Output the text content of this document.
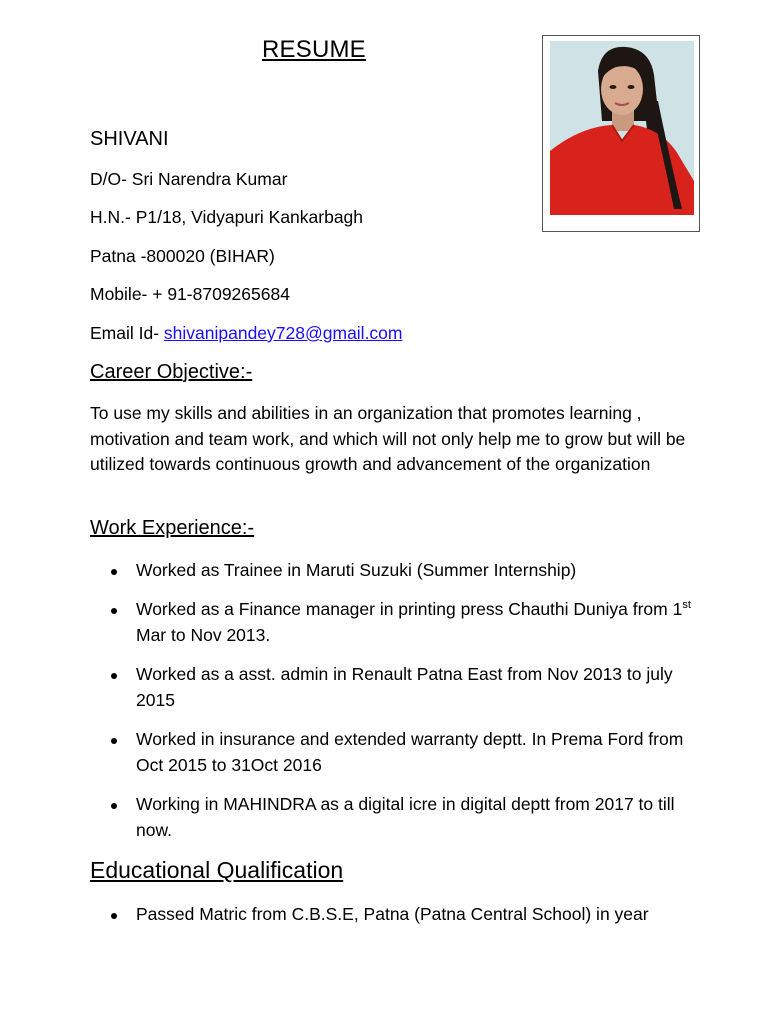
RESUME
SHIVANI
D/O- Sri Narendra Kumar
H.N.- P1/18, Vidyapuri Kankarbagh
Patna -800020 (BIHAR)
Mobile- + 91-8709265684
Email Id- shivanipandey728@gmail.com
Career Objective:-
To use my skills and abilities in an organization that promotes learning , motivation and team work, and which will not only help me to grow but will be utilized towards continuous growth and advancement of the organization
Work Experience:-
Worked as Trainee in Maruti Suzuki (Summer Internship)
Worked as a Finance manager in printing press Chauthi Duniya from 1st Mar to Nov 2013.
Worked as a asst. admin in Renault Patna East from Nov 2013 to july 2015
Worked in insurance and extended warranty deptt. In Prema Ford from Oct 2015 to 31Oct 2016
Working in MAHINDRA as a digital icre in digital deptt from 2017 to till now.
Educational Qualification
Passed Matric from C.B.S.E, Patna (Patna Central School) in year
